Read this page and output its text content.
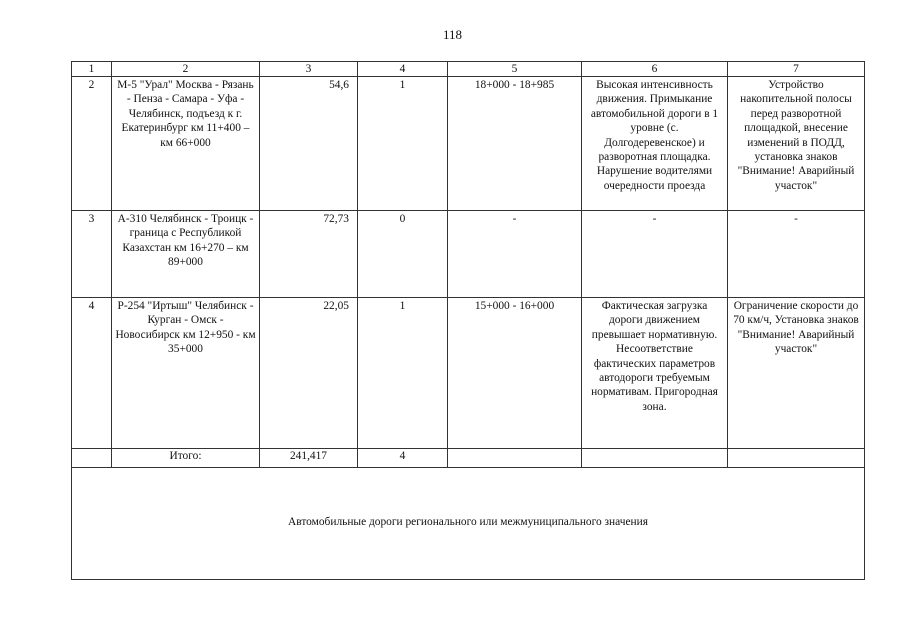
118
1	2	3	4	5	6	7
2	М-5 "Урал" Москва - Рязань - Пенза - Самара - Уфа - Челябинск, подъезд к г. Екатеринбург км 11+400 – км 66+000	54,6	1	18+000 - 18+985	Высокая интенсивность движения. Примыкание автомобильной дороги в 1 уровне (с. Долгодеревенское) и разворотная площадка. Нарушение водителями очередности проезда	Устройство накопительной полосы перед разворотной площадкой, внесение изменений в ПОДД, установка знаков "Внимание! Аварийный участок"
3	А-310 Челябинск - Троицк - граница с Республикой Казахстан км 16+270 – км 89+000	72,73	0	-	-	-
4	Р-254 "Иртыш" Челябинск - Курган - Омск - Новосибирск км 12+950 - км 35+000	22,05	1	15+000 - 16+000	Фактическая загрузка дороги движением превышает нормативную. Несоответствие фактических параметров автодороги требуемым нормативам. Пригородная зона.	Ограничение скорости до 70 км/ч, Установка знаков "Внимание! Аварийный участок"
	Итого:	241,417	4			

Автомобильные дороги регионального или межмуниципального значения						
